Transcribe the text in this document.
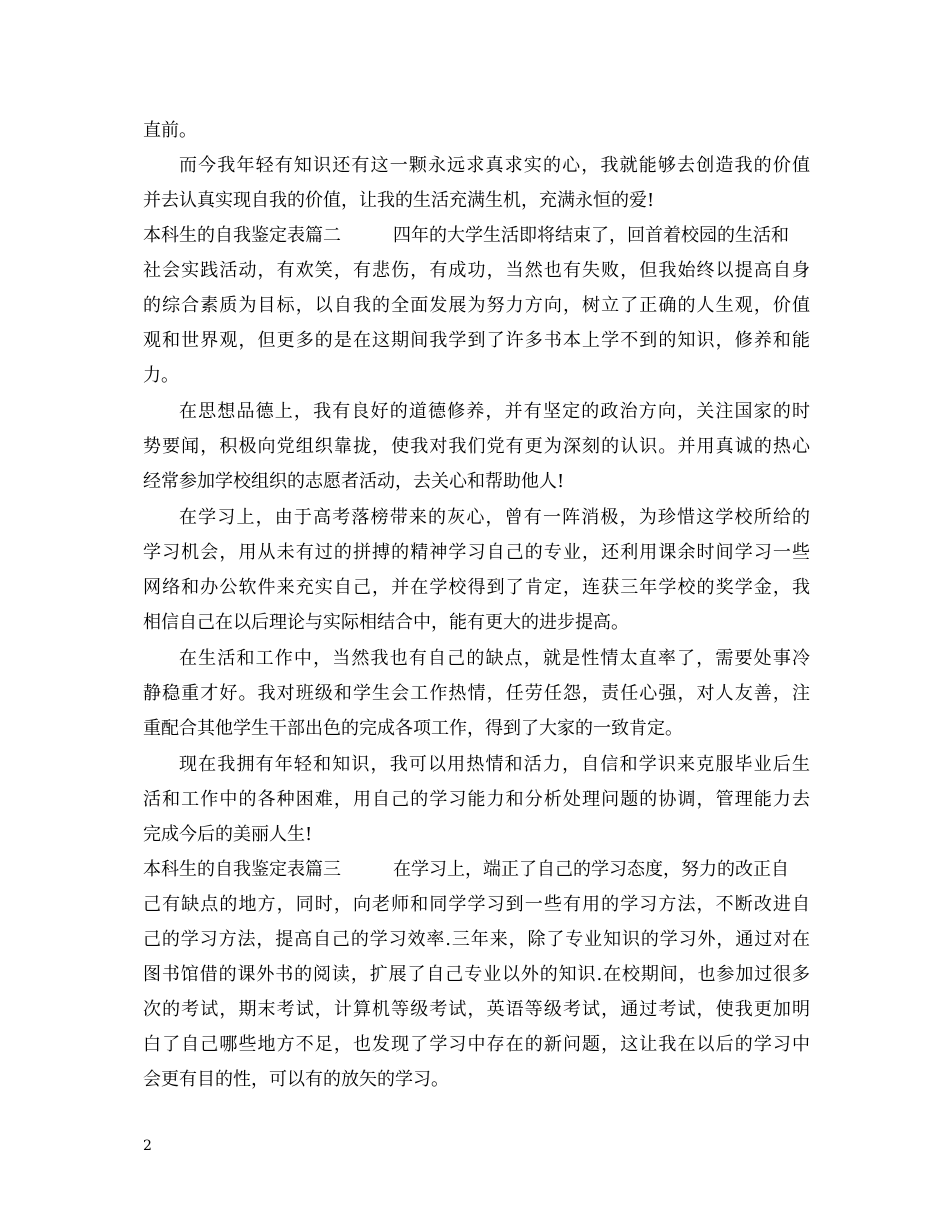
直前。
而今我年轻有知识还有这一颗永远求真求实的心，我就能够去创造我的价值
并去认真实现自我的价值，让我的生活充满生机，充满永恒的爱!
本科生的自我鉴定表篇二	四年的大学生活即将结束了，回首着校园的生活和
社会实践活动，有欢笑，有悲伤，有成功，当然也有失败，但我始终以提高自身
的综合素质为目标，以自我的全面发展为努力方向，树立了正确的人生观，价值
观和世界观，但更多的是在这期间我学到了许多书本上学不到的知识，修养和能
力。
在思想品德上，我有良好的道德修养，并有坚定的政治方向，关注国家的时
势要闻，积极向党组织靠拢，使我对我们党有更为深刻的认识。并用真诚的热心
经常参加学校组织的志愿者活动，去关心和帮助他人!
在学习上，由于高考落榜带来的灰心，曾有一阵消极，为珍惜这学校所给的
学习机会，用从未有过的拼搏的精神学习自己的专业，还利用课余时间学习一些
网络和办公软件来充实自己，并在学校得到了肯定，连获三年学校的奖学金，我
相信自己在以后理论与实际相结合中，能有更大的进步提高。
在生活和工作中，当然我也有自己的缺点，就是性情太直率了，需要处事冷
静稳重才好。我对班级和学生会工作热情，任劳任怨，责任心强，对人友善，注
重配合其他学生干部出色的完成各项工作，得到了大家的一致肯定。
现在我拥有年轻和知识，我可以用热情和活力，自信和学识来克服毕业后生
活和工作中的各种困难，用自己的学习能力和分析处理问题的协调，管理能力去
完成今后的美丽人生!
本科生的自我鉴定表篇三	在学习上，端正了自己的学习态度，努力的改正自
己有缺点的地方，同时，向老师和同学学习到一些有用的学习方法，不断改进自
己的学习方法，提高自己的学习效率.三年来，除了专业知识的学习外，通过对在
图书馆借的课外书的阅读，扩展了自己专业以外的知识.在校期间，也参加过很多
次的考试，期末考试，计算机等级考试，英语等级考试，通过考试，使我更加明
白了自己哪些地方不足，也发现了学习中存在的新问题，这让我在以后的学习中
会更有目的性，可以有的放矢的学习。
2
